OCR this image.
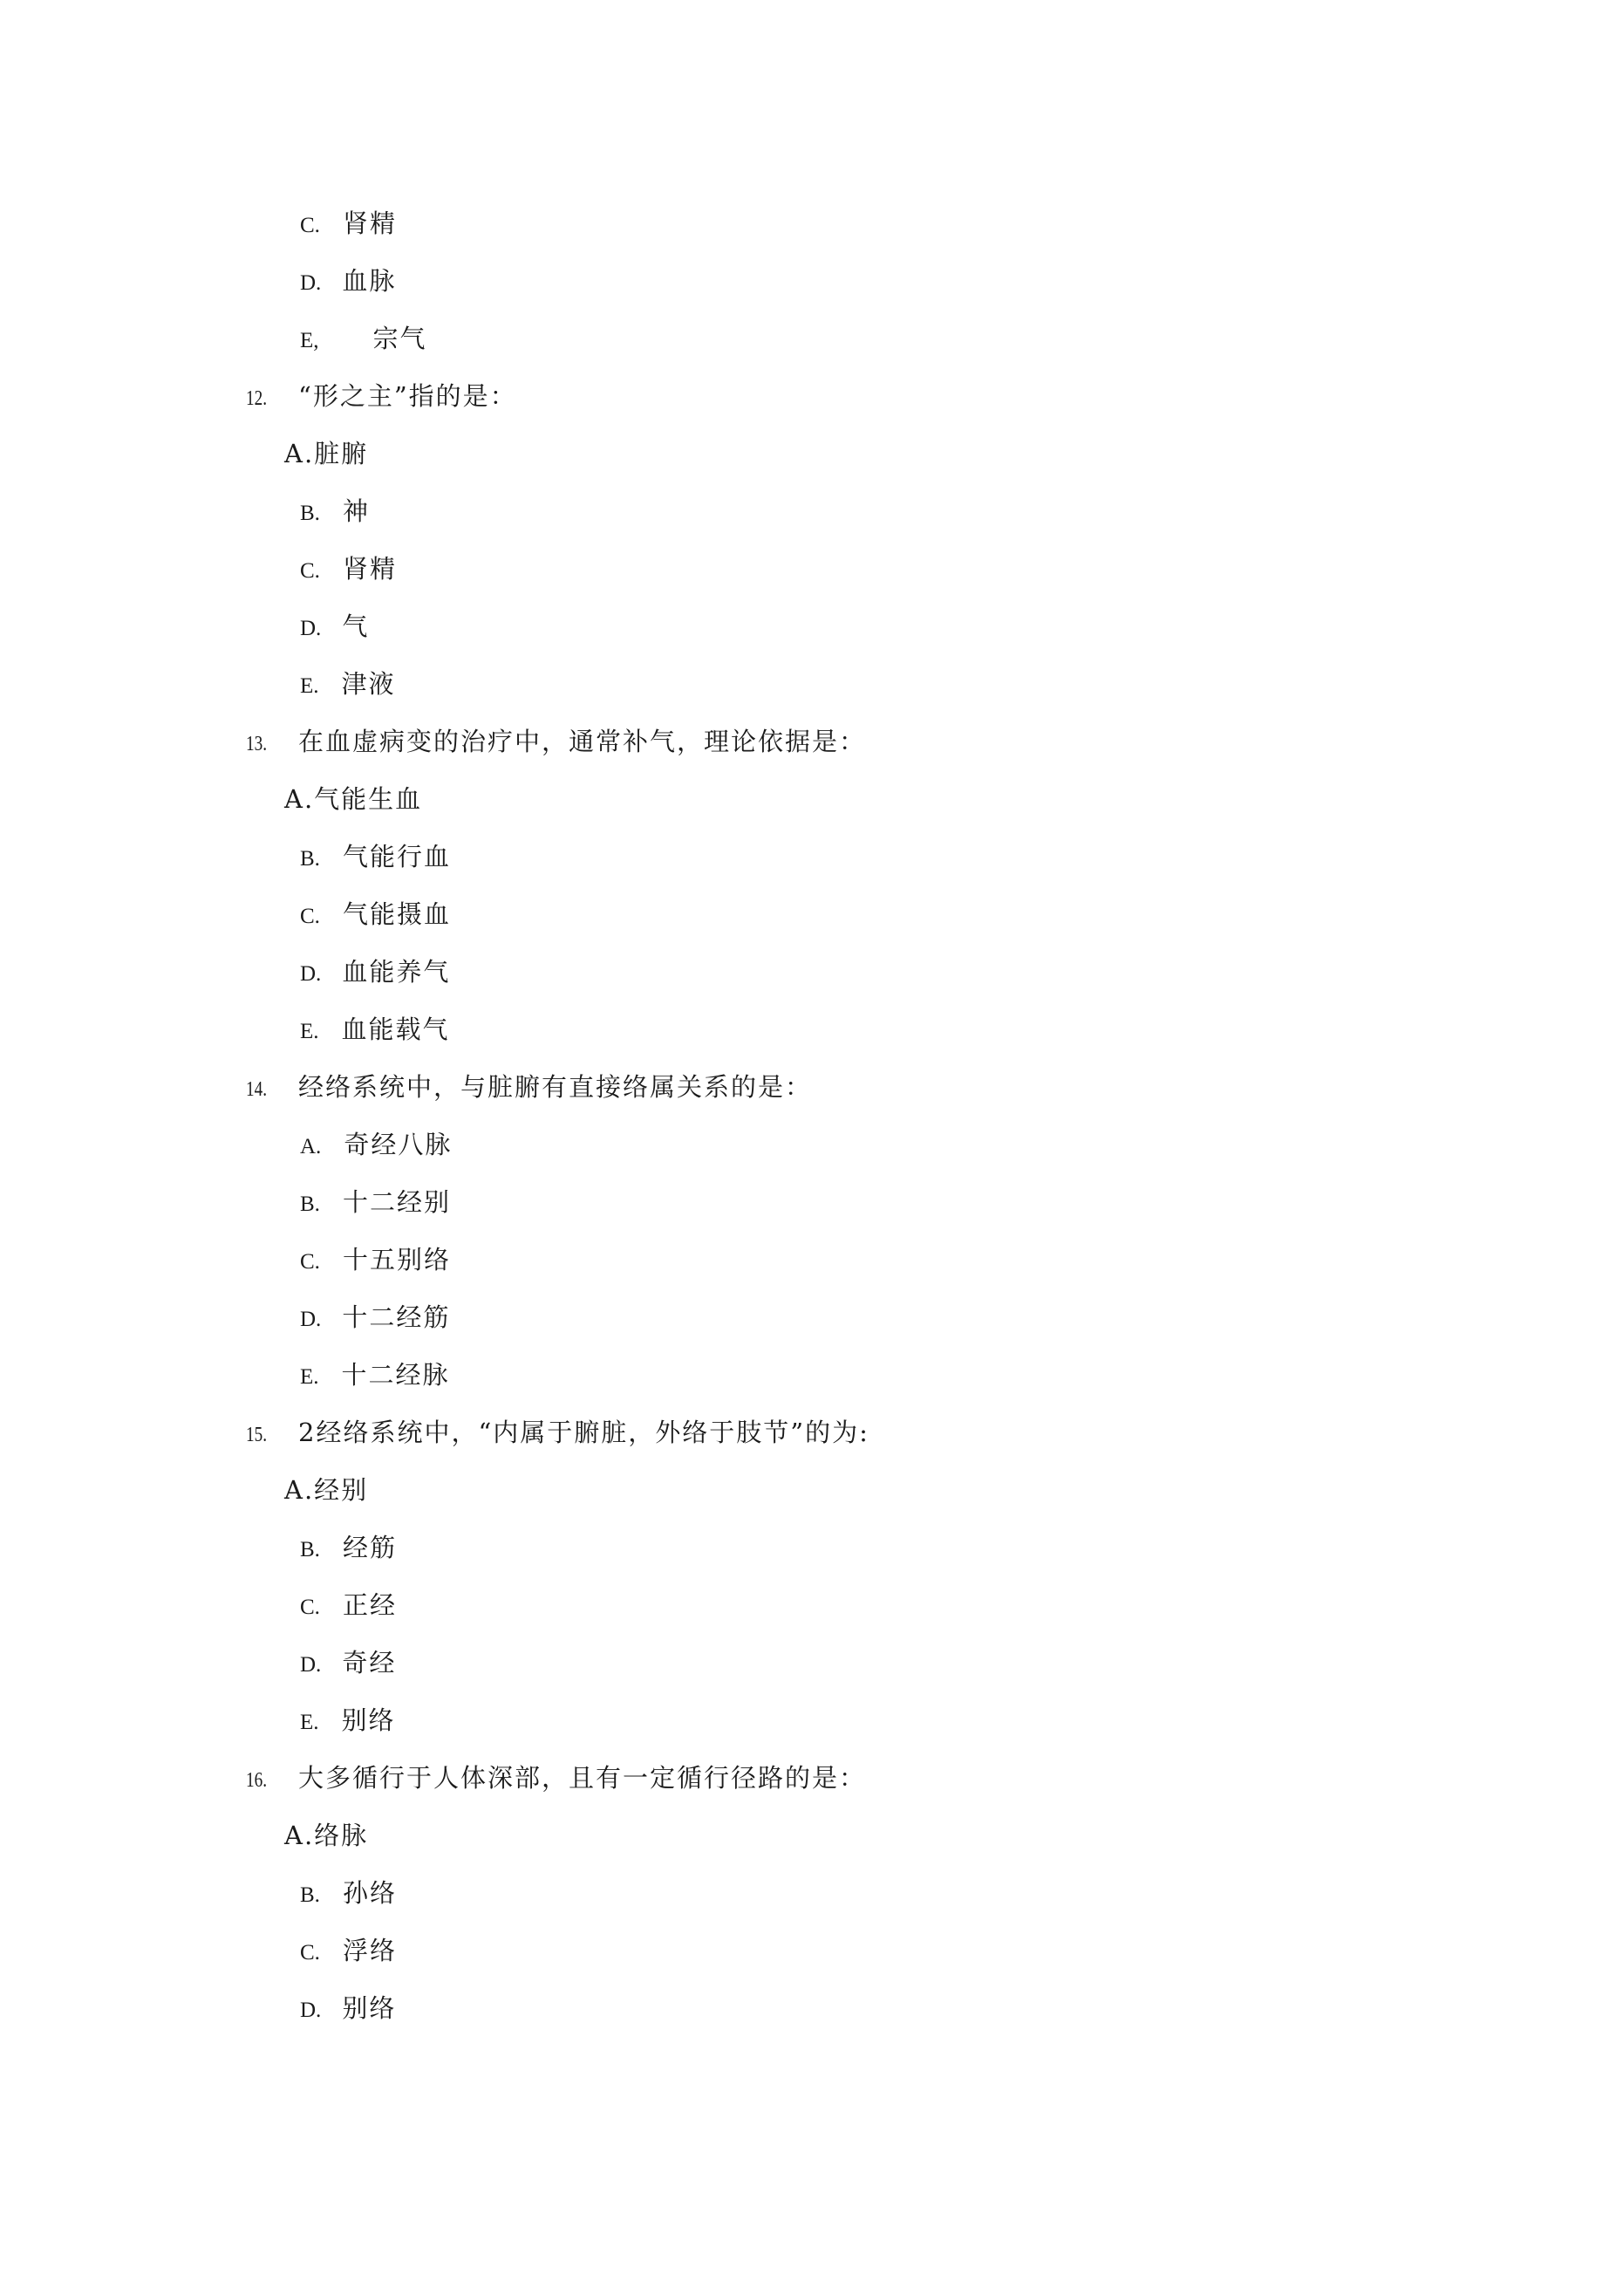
C. 肾精
D. 血脉
E, 宗气
12. “形之主”指的是：
A.脏腑
B. 神
C. 肾精
D. 气
E. 津液
13. 在血虚病变的治疗中，通常补气，理论依据是：
A.气能生血
B. 气能行血
C. 气能摄血
D. 血能养气
E. 血能载气
14. 经络系统中，与脏腑有直接络属关系的是：
A. 奇经八脉
B. 十二经别
C. 十五别络
D. 十二经筋
E. 十二经脉
15. 2经络系统中，“内属于腑脏，外络于肢节”的为:
A.经别
B. 经筋
C. 正经
D. 奇经
E. 别络
16. 大多循行于人体深部，且有一定循行径路的是：
A.络脉
B. 孙络
C. 浮络
D. 别络
